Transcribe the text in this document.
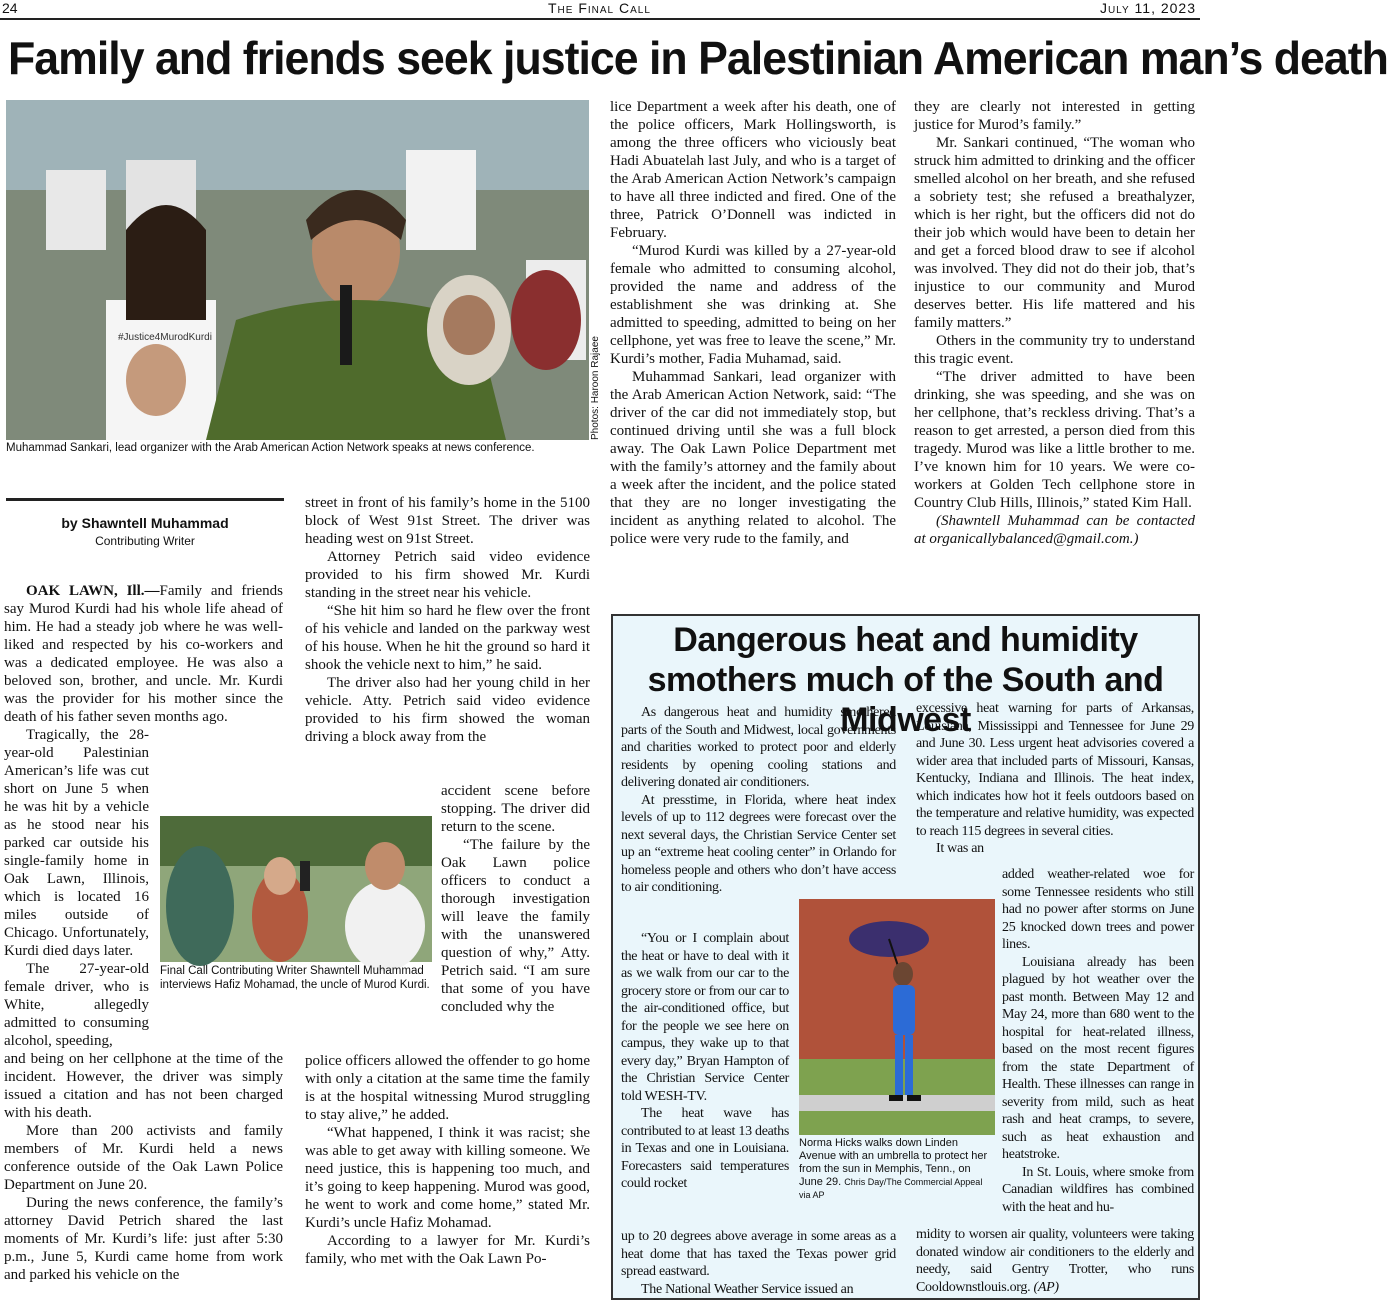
24	The Final Call	July 11, 2023
Family and friends seek justice in Palestinian American man’s death
#Justice4MurodKurdi	Photos: Haroon Rajaee
Muhammad Sankari, lead organizer with the Arab American Action Network speaks at news conference.
by Shawntell Muhammad
Contributing Writer

OAK LAWN, Ill.—Family and friends say Murod Kurdi had his whole life ahead of him. He had a steady job where he was well-liked and respected by his co-workers and was a dedicated employee. He was also a beloved son, brother, and uncle. Mr. Kurdi was the provider for his mother since the death of his father seven months ago.

Tragically, the 28-year-old Palestinian American’s life was cut short on June 5 when he was hit by a vehicle as he stood near his parked car outside his single-family home in Oak Lawn, Illinois, which is located 16 miles outside of Chicago. Unfortunately, Kurdi died days later.

The 27-year-old female driver, who is White, allegedly admitted to consuming alcohol, speeding,

and being on her cellphone at the time of the incident. However, the driver was simply issued a citation and has not been charged with his death.

More than 200 activists and family members of Mr. Kurdi held a news conference outside of the Oak Lawn Police Department on June 20.

During the news conference, the family’s attorney David Petrich shared the last moments of Mr. Kurdi’s life: just after 5:30 p.m., June 5, Kurdi came home from work and parked his vehicle on the

Final Call Contributing Writer Shawntell Muhammad interviews Hafiz Mohamad, the uncle of Murod Kurdi.

street in front of his family’s home in the 5100 block of West 91st Street. The driver was heading west on 91st Street.

Attorney Petrich said video evidence provided to his firm showed Mr. Kurdi standing in the street near his vehicle.

“She hit him so hard he flew over the front of his vehicle and landed on the parkway west of his house. When he hit the ground so hard it shook the vehicle next to him,” he said.

The driver also had her young child in her vehicle. Atty. Petrich said video evidence provided to his firm showed the woman driving a block away from the

accident scene before stopping. The driver did return to the scene.

“The failure by the Oak Lawn police officers to conduct a thorough investigation will leave the family with the unanswered question of why,” Atty. Petrich said. “I am sure that some of you have concluded why the

police officers allowed the offender to go home with only a citation at the same time the family is at the hospital witnessing Murod struggling to stay alive,” he added.

“What happened, I think it was racist; she was able to get away with killing someone. We need justice, this is happening too much, and it’s going to keep happening. Murod was good, he went to work and come home,” stated Mr. Kurdi’s uncle Hafiz Mohamad.

According to a lawyer for Mr. Kurdi’s family, who met with the Oak Lawn Po-

lice Department a week after his death, one of the police officers, Mark Hollingsworth, is among the three officers who viciously beat Hadi Abuatelah last July, and who is a target of the Arab American Action Network’s campaign to have all three indicted and fired. One of the three, Patrick O’Donnell was indicted in February.

“Murod Kurdi was killed by a 27-year-old female who admitted to consuming alcohol, provided the name and address of the establishment she was drinking at. She admitted to speeding, admitted to being on her cellphone, yet was free to leave the scene,” Mr. Kurdi’s mother, Fadia Muhamad, said.

Muhammad Sankari, lead organizer with the Arab American Action Network, said: “The driver of the car did not immediately stop, but continued driving until she was a full block away. The Oak Lawn Police Department met with the family’s attorney and the family about a week after the incident, and the police stated that they are no longer investigating the incident as anything related to alcohol. The police were very rude to the family, and

they are clearly not interested in getting justice for Murod’s family.”

Mr. Sankari continued, “The woman who struck him admitted to drinking and the officer smelled alcohol on her breath, and she refused a sobriety test; she refused a breathalyzer, which is her right, but the officers did not do their job which would have been to detain her and get a forced blood draw to see if alcohol was involved. They did not do their job, that’s injustice to our community and Murod deserves better. His life mattered and his family matters.”

Others in the community try to understand this tragic event.

“The driver admitted to have been drinking, she was speeding, and she was on her cellphone, that’s reckless driving. That’s a reason to get arrested, a person died from this tragedy. Murod was like a little brother to me. I’ve known him for 10 years. We were co-workers at Golden Tech cellphone store in Country Club Hills, Illinois,” stated Kim Hall.

(Shawntell Muhammad can be contacted at organicallybalanced@gmail.com.)

Dangerous heat and humidity smothers much of the South and Midwest

As dangerous heat and humidity smothered parts of the South and Midwest, local governments and charities worked to protect poor and elderly residents by opening cooling stations and delivering donated air conditioners.

At presstime, in Florida, where heat index levels of up to 112 degrees were forecast over the next several days, the Christian Service Center set up an “extreme heat cooling center” in Orlando for homeless people and others who don’t have access to air conditioning.

“You or I complain about the heat or have to deal with it as we walk from our car to the grocery store or from our car to the air-conditioned office, but for the people we see here on campus, they wake up to that every day,” Bryan Hampton of the Christian Service Center told WESH-TV.

The heat wave has contributed to at least 13 deaths in Texas and one in Louisiana. Forecasters said temperatures could rocket

up to 20 degrees above average in some areas as a heat dome that has taxed the Texas power grid spread eastward.

The National Weather Service issued an

excessive heat warning for parts of Arkansas, Louisiana, Mississippi and Tennessee for June 29 and June 30. Less urgent heat advisories covered a wider area that included parts of Missouri, Kansas, Kentucky, Indiana and Illinois. The heat index, which indicates how hot it feels outdoors based on the temperature and relative humidity, was expected to reach 115 degrees in several cities.

It was an

added weather-related woe for some Tennessee residents who still had no power after storms on June 25 knocked down trees and power lines.

Louisiana already has been plagued by hot weather over the past month. Between May 12 and May 24, more than 680 went to the hospital for heat-related illness, based on the most recent figures from the state Department of Health. These illnesses can range in severity from mild, such as heat rash and heat cramps, to severe, such as heat exhaustion and heatstroke.

In St. Louis, where smoke from Canadian wildfires has combined with the heat and hu-

midity to worsen air quality, volunteers were taking donated window air conditioners to the elderly and needy, said Gentry Trotter, who runs Cooldownstlouis.org. (AP)

Norma Hicks walks down Linden Avenue with an umbrella to protect her from the sun in Memphis, Tenn., on June 29. Chris Day/The Commercial Appeal via AP
